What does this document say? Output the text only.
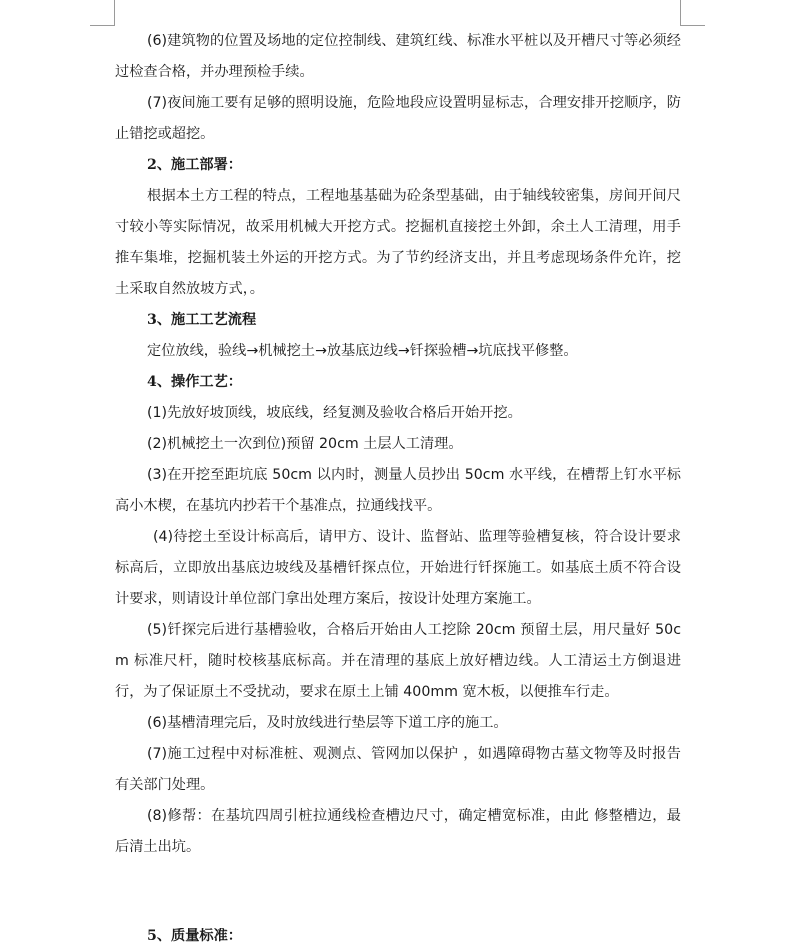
(6)建筑物的位置及场地的定位控制线、建筑红线、标准水平桩以及开槽尺寸等必须经过检查合格，并办理预检手续。

(7)夜间施工要有足够的照明设施，危险地段应设置明显标志，合理安排开挖顺序，防止错挖或超挖。

2、施工部署：

根据本土方工程的特点，工程地基基础为砼条型基础，由于轴线较密集，房间开间尺寸较小等实际情况，故采用机械大开挖方式。挖掘机直接挖土外卸，余土人工清理，用手推车集堆，挖掘机装土外运的开挖方式。为了节约经济支出，并且考虑现场条件允许，挖土采取自然放坡方式，。

3、施工工艺流程

定位放线，验线→机械挖土→放基底边线→钎探验槽→坑底找平修整。

4、操作工艺：

(1)先放好坡顶线，坡底线，经复测及验收合格后开始开挖。

(2)机械挖土一次到位)预留 20cm 土层人工清理。

(3)在开挖至距坑底 50cm 以内时，测量人员抄出 50cm 水平线，在槽帮上钉水平标高小木楔，在基坑内抄若干个基准点，拉通线找平。

(4)待挖土至设计标高后，请甲方、设计、监督站、监理等验槽复核，符合设计要求标高后，立即放出基底边坡线及基槽钎探点位，开始进行钎探施工。如基底土质不符合设计要求，则请设计单位部门拿出处理方案后，按设计处理方案施工。

(5)钎探完后进行基槽验收，合格后开始由人工挖除 20cm 预留土层，用尺量好 50cm 标准尺杆，随时校核基底标高。并在清理的基底上放好槽边线。人工清运土方倒退进行，为了保证原土不受扰动，要求在原土上铺 400mm 宽木板，以便推车行走。

(6)基槽清理完后，及时放线进行垫层等下道工序的施工。

(7)施工过程中对标准桩、观测点、管网加以保护 ，如遇障碍物古墓文物等及时报告有关部门处理。

(8)修帮：在基坑四周引桩拉通线检查槽边尺寸，确定槽宽标准，由此 修整槽边，最后清土出坑。

5、质量标准：
